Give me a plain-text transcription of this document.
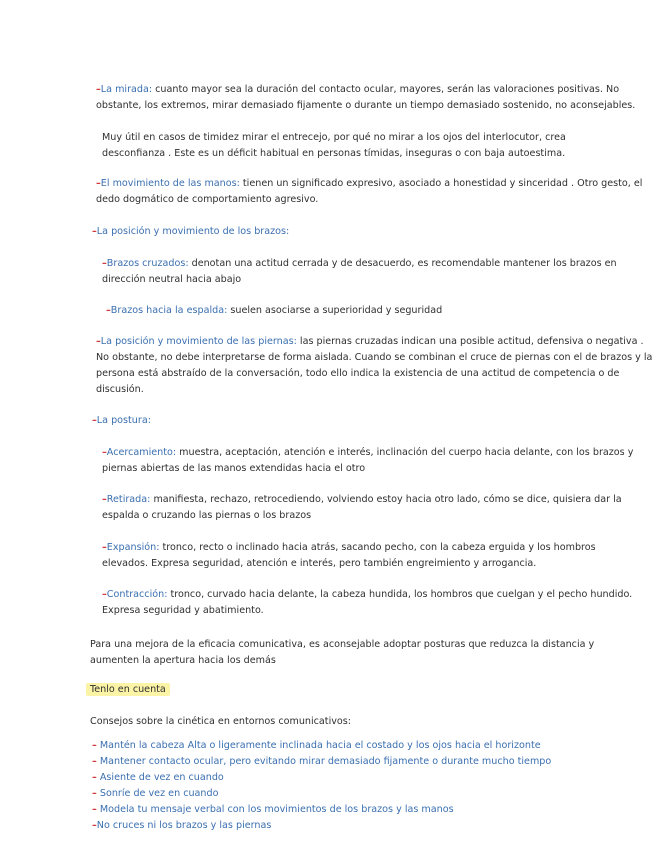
–La mirada: cuanto mayor sea la duración del contacto ocular, mayores, serán las valoraciones positivas. No obstante, los extremos, mirar demasiado fijamente o durante un tiempo demasiado sostenido, no aconsejables.

Muy útil en casos de timidez mirar el entrecejo, por qué no mirar a los ojos del interlocutor, crea desconfianza . Este es un déficit habitual en personas tímidas, inseguras o con baja autoestima.

–El movimiento de las manos: tienen un significado expresivo, asociado a honestidad y sinceridad . Otro gesto, el dedo dogmático de comportamiento agresivo.

–La posición y movimiento de los brazos:

–Brazos cruzados: denotan una actitud cerrada y de desacuerdo, es recomendable mantener los brazos en dirección neutral hacia abajo

–Brazos hacia la espalda: suelen asociarse a superioridad y seguridad

–La posición y movimiento de las piernas: las piernas cruzadas indican una posible actitud, defensiva o negativa . No obstante, no debe interpretarse de forma aislada. Cuando se combinan el cruce de piernas con el de brazos y la persona está abstraído de la conversación, todo ello indica la existencia de una actitud de competencia o de discusión.

–La postura:

–Acercamiento: muestra, aceptación, atención e interés, inclinación del cuerpo hacia delante, con los brazos y piernas abiertas de las manos extendidas hacia el otro

–Retirada: manifiesta, rechazo, retrocediendo, volviendo estoy hacia otro lado, cómo se dice, quisiera dar la espalda o cruzando las piernas o los brazos

–Expansión: tronco, recto o inclinado hacia atrás, sacando pecho, con la cabeza erguida y los hombros elevados. Expresa seguridad, atención e interés, pero también engreimiento y arrogancia.

–Contracción: tronco, curvado hacia delante, la cabeza hundida, los hombros que cuelgan y el pecho hundido. Expresa seguridad y abatimiento.

Para una mejora de la eficacia comunicativa, es aconsejable adoptar posturas que reduzca la distancia y aumenten la apertura hacia los demás

Tenlo en cuenta

Consejos sobre la cinética en entornos comunicativos:

– Mantén la cabeza Alta o ligeramente inclinada hacia el costado y los ojos hacia el horizonte
– Mantener contacto ocular, pero evitando mirar demasiado fijamente o durante mucho tiempo
– Asiente de vez en cuando
– Sonríe de vez en cuando
– Modela tu mensaje verbal con los movimientos de los brazos y las manos
–No cruces ni los brazos y las piernas
